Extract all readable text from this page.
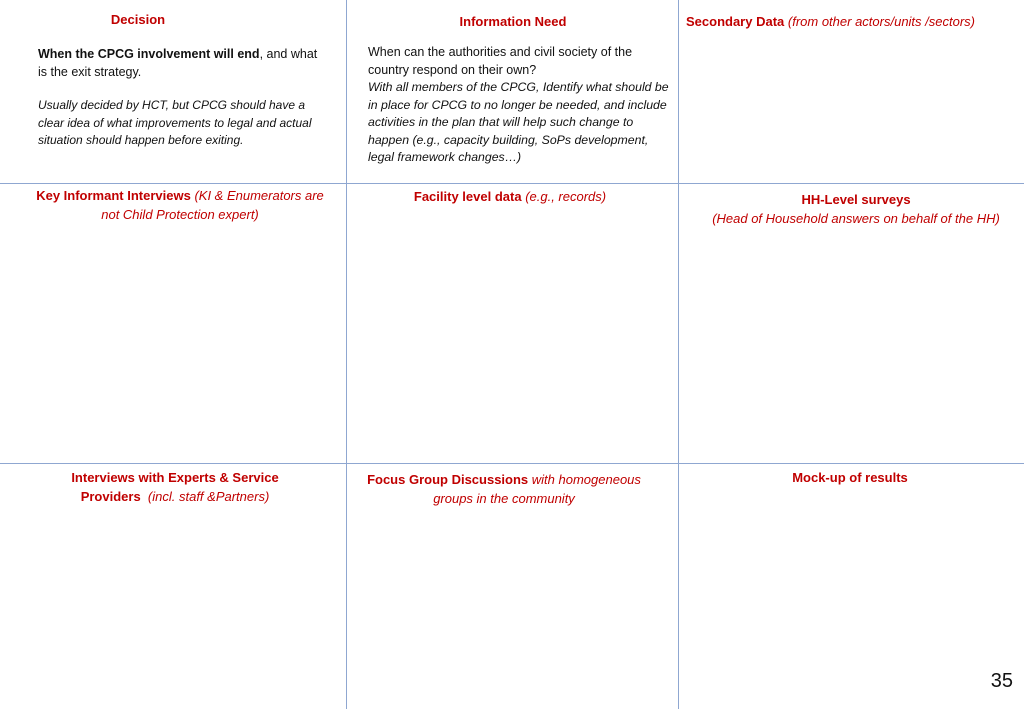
Decision
When the CPCG involvement will end, and what is the exit strategy.
Usually decided by HCT, but CPCG should have a clear idea of what improvements to legal and actual situation should happen before exiting.
Information Need
When can the authorities and civil society of the country respond on their own?
With all members of the CPCG, Identify what should be in place for CPCG to no longer be needed, and include activities in the plan that will help such change to happen (e.g., capacity building, SoPs development, legal framework changes…)
Secondary Data (from other actors/units /sectors)
Key Informant Interviews (KI & Enumerators are not Child Protection expert)
Facility level data (e.g., records)	HH-Level surveys
(Head of Household answers on behalf of the HH)
Interviews with Experts & Service Providers (incl. staff &Partners)
Focus Group Discussions with homogeneous groups in the community
Mock-up of results
35
